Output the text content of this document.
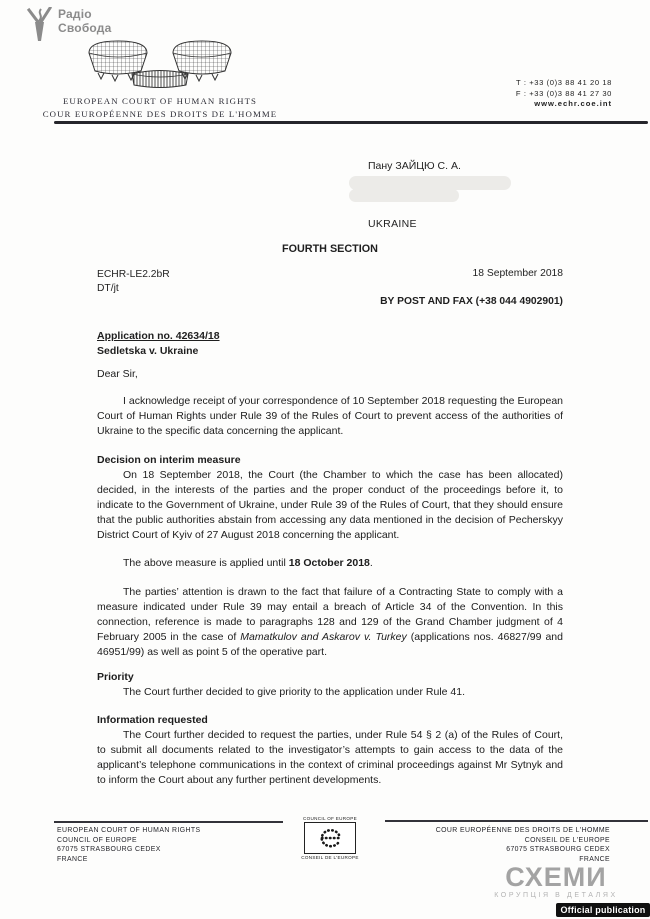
Радіо
Свобода
EUROPEAN COURT OF HUMAN RIGHTS
COUR EUROPÉENNE DES DROITS DE L'HOMME
T : +33 (0)3 88 41 20 18
F : +33 (0)3 88 41 27 30
www.echr.coe.int
Пану ЗАЙЦЮ С. А.
UKRAINE
FOURTH SECTION
ECHR-LE2.2bR
DT/jt
18 September 2018
BY POST AND FAX (+38 044 4902901)
Application no. 42634/18
Sedletska v. Ukraine

Dear Sir,

I acknowledge receipt of your correspondence of 10 September 2018 requesting the European Court of Human Rights under Rule 39 of the Rules of Court to prevent access of the authorities of Ukraine to the specific data concerning the applicant.

Decision on interim measure

On 18 September 2018, the Court (the Chamber to which the case has been allocated) decided, in the interests of the parties and the proper conduct of the proceedings before it, to indicate to the Government of Ukraine, under Rule 39 of the Rules of Court, that they should ensure that the public authorities abstain from accessing any data mentioned in the decision of Pecherskyy District Court of Kyiv of 27 August 2018 concerning the applicant.

The above measure is applied until 18 October 2018.

The parties’ attention is drawn to the fact that failure of a Contracting State to comply with a measure indicated under Rule 39 may entail a breach of Article 34 of the Convention. In this connection, reference is made to paragraphs 128 and 129 of the Grand Chamber judgment of 4 February 2005 in the case of Mamatkulov and Askarov v. Turkey (applications nos. 46827/99 and 46951/99) as well as point 5 of the operative part.

Priority

The Court further decided to give priority to the application under Rule 41.

Information requested

The Court further decided to request the parties, under Rule 54 § 2 (a) of the Rules of Court, to submit all documents related to the investigator’s attempts to gain access to the data of the applicant’s telephone communications in the context of criminal proceedings against Mr Sytnyk and to inform the Court about any further pertinent developments.

EUROPEAN COURT OF HUMAN RIGHTS
COUNCIL OF EUROPE
67075 STRASBOURG CEDEX
FRANCE
COUNCIL OF EUROPE
CONSEIL DE L'EUROPE
COUR EUROPÉENNE DES DROITS DE L'HOMME
CONSEIL DE L'EUROPE
67075 STRASBOURG CEDEX
FRANCE
СХЕМИ
КОРУПЦІЯ В ДЕТАЛЯХ
Official publication
